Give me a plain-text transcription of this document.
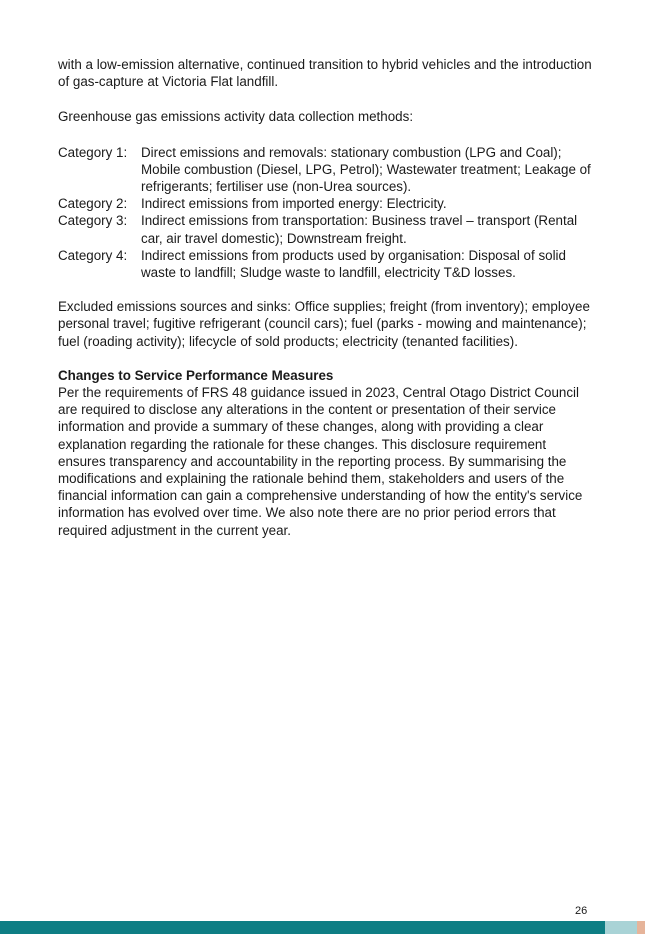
with a low-emission alternative, continued transition to hybrid vehicles and the introduction of gas-capture at Victoria Flat landfill.

Greenhouse gas emissions activity data collection methods:

Category 1:	Direct emissions and removals: stationary combustion (LPG and Coal); Mobile combustion (Diesel, LPG, Petrol); Wastewater treatment; Leakage of refrigerants; fertiliser use (non-Urea sources).
Category 2:	Indirect emissions from imported energy: Electricity.
Category 3:	Indirect emissions from transportation: Business travel – transport (Rental car, air travel domestic); Downstream freight.
Category 4:	Indirect emissions from products used by organisation: Disposal of solid waste to landfill; Sludge waste to landfill, electricity T&D losses.

Excluded emissions sources and sinks: Office supplies; freight (from inventory); employee personal travel; fugitive refrigerant (council cars); fuel (parks - mowing and maintenance); fuel (roading activity); lifecycle of sold products; electricity (tenanted facilities).

Changes to Service Performance Measures

Per the requirements of FRS 48 guidance issued in 2023, Central Otago District Council are required to disclose any alterations in the content or presentation of their service information and provide a summary of these changes, along with providing a clear explanation regarding the rationale for these changes. This disclosure requirement ensures transparency and accountability in the reporting process. By summarising the modifications and explaining the rationale behind them, stakeholders and users of the financial information can gain a comprehensive understanding of how the entity's service information has evolved over time. We also note there are no prior period errors that required adjustment in the current year.

26
